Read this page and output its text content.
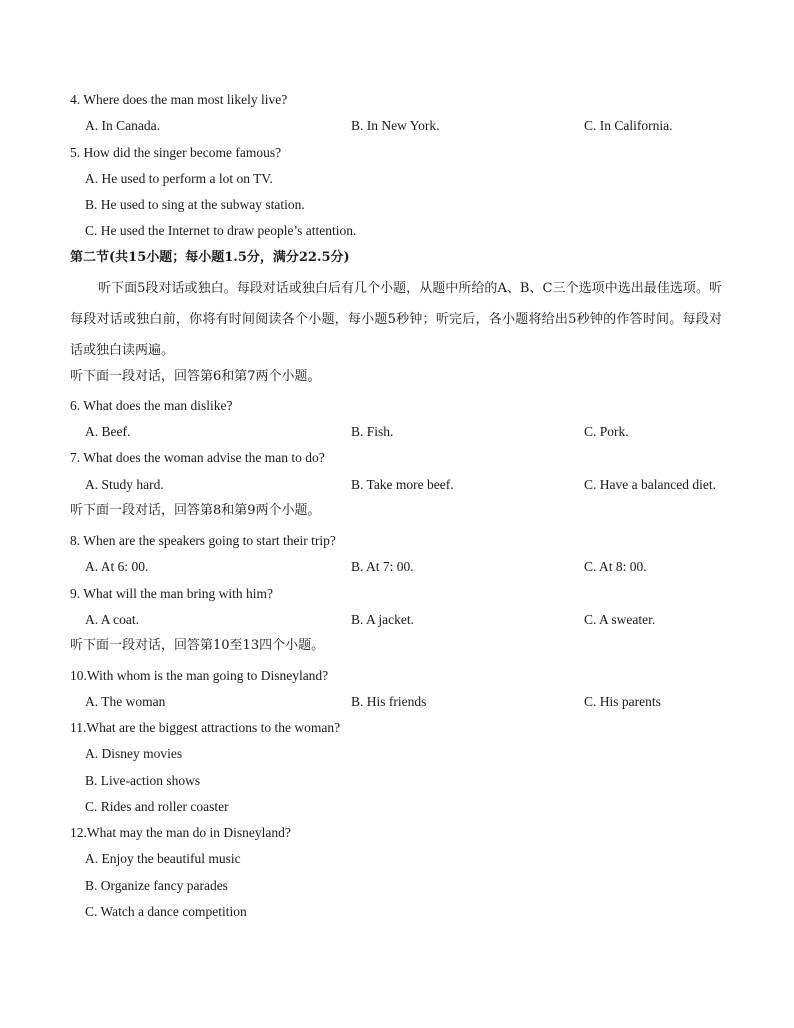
4. Where does the man most likely live?
A. In Canada.	B. In New York.	C. In California.
5. How did the singer become famous?
A. He used to perform a lot on TV.
B. He used to sing at the subway station.
C. He used the Internet to draw people’s attention.
第二节(共15小题；每小题1.5分，满分22.5分)
听下面5段对话或独白。每段对话或独白后有几个小题，从题中所给的A、B、C三个选项中选出最佳选项。听每段对话或独白前，你将有时间阅读各个小题，每小题5秒钟；听完后，各小题将给出5秒钟的作答时间。每段对话或独白读两遍。
听下面一段对话，回答第6和第7两个小题。
6. What does the man dislike?
A. Beef.	B. Fish.	C. Pork.
7. What does the woman advise the man to do?
A. Study hard.	B. Take more beef.	C. Have a balanced diet.
听下面一段对话，回答第8和第9两个小题。
8. When are the speakers going to start their trip?
A. At 6: 00.	B. At 7: 00.	C. At 8: 00.
9. What will the man bring with him?
A. A coat.	B. A jacket.	C. A sweater.
听下面一段对话，回答第10至13四个小题。
10.With whom is the man going to Disneyland?
A. The woman	B. His friends	C. His parents
11.What are the biggest attractions to the woman?
A. Disney movies
B. Live-action shows
C. Rides and roller coaster
12.What may the man do in Disneyland?
A. Enjoy the beautiful music
B. Organize fancy parades
C. Watch a dance competition
